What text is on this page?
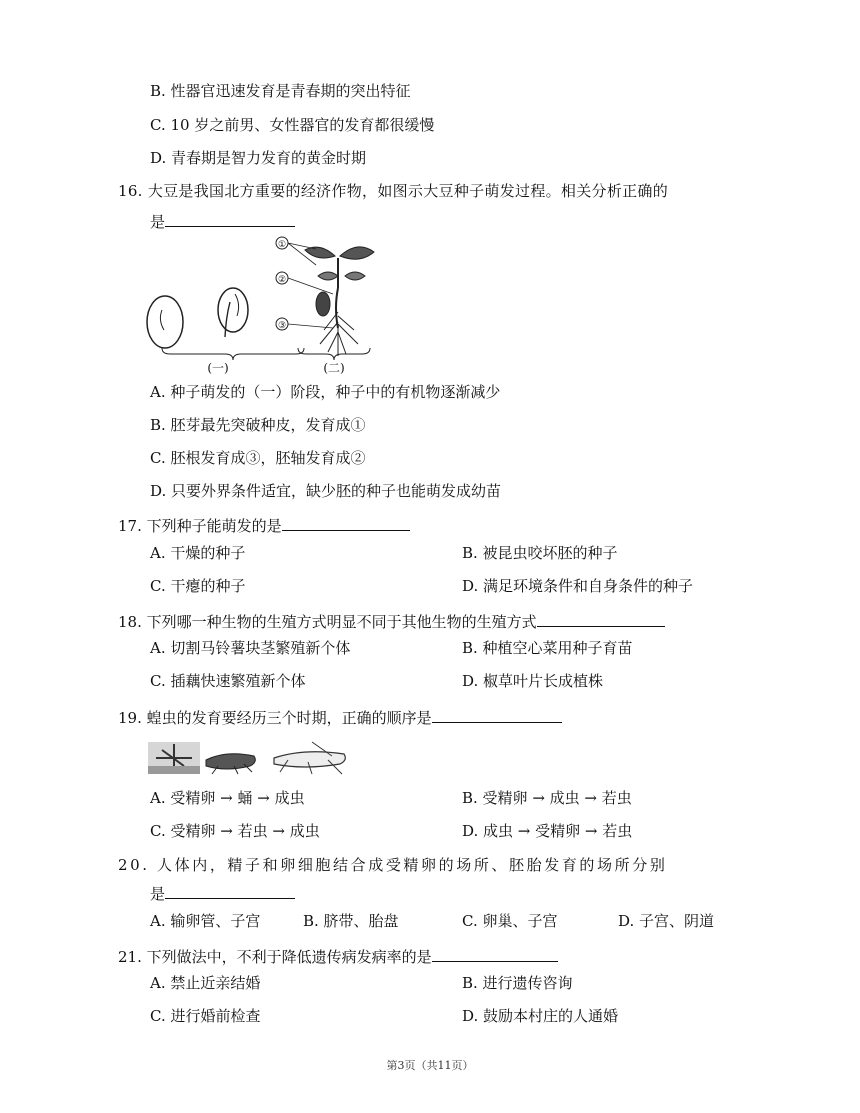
B. 性器官迅速发育是青春期的突出特征
C. 10 岁之前男、女性器官的发育都很缓慢
D. 青春期是智力发育的黄金时期
16. 大豆是我国北方重要的经济作物，如图示大豆种子萌发过程。相关分析正确的
是
①
②
③
(一)	(二)
A. 种子萌发的（一）阶段，种子中的有机物逐渐减少
B. 胚芽最先突破种皮，发育成①
C. 胚根发育成③，胚轴发育成②
D. 只要外界条件适宜，缺少胚的种子也能萌发成幼苗
17. 下列种子能萌发的是
A. 干燥的种子	B. 被昆虫咬坏胚的种子
C. 干瘪的种子	D. 满足环境条件和自身条件的种子
18. 下列哪一种生物的生殖方式明显不同于其他生物的生殖方式
A. 切割马铃薯块茎繁殖新个体	B. 种植空心菜用种子育苗
C. 插藕快速繁殖新个体	D. 椒草叶片长成植株
19. 蝗虫的发育要经历三个时期，正确的顺序是
A. 受精卵 → 蛹 → 成虫	B. 受精卵 → 成虫 → 若虫
C. 受精卵 → 若虫 → 成虫	D. 成虫 → 受精卵 → 若虫
20. 人体内，精子和卵细胞结合成受精卵的场所、胚胎发育的场所分别
是
A. 输卵管、子宫	B. 脐带、胎盘	C. 卵巢、子宫	D. 子宫、阴道
21. 下列做法中，不利于降低遗传病发病率的是
A. 禁止近亲结婚	B. 进行遗传咨询
C. 进行婚前检查	D. 鼓励本村庄的人通婚
第3页（共11页）
